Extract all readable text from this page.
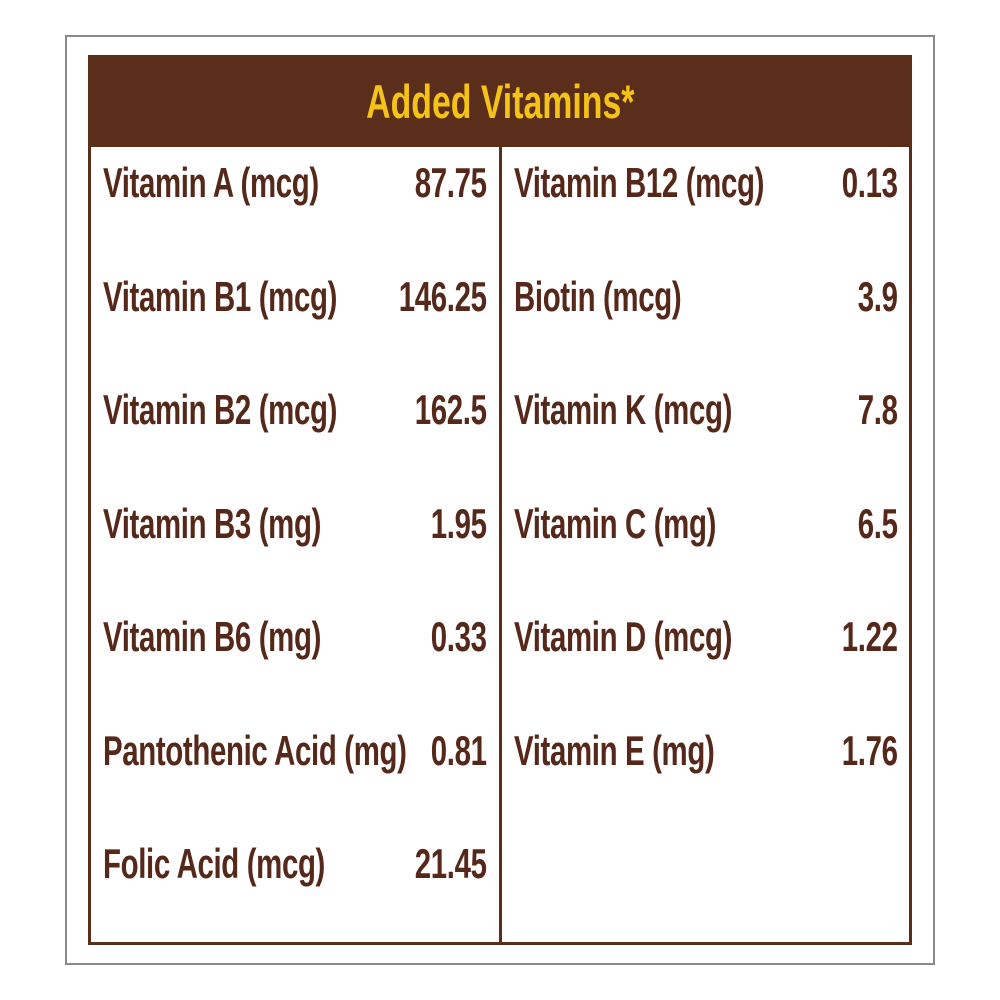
Added Vitamins*
Vitamin A (mcg) 87.75
Vitamin B1 (mcg) 146.25
Vitamin B2 (mcg) 162.5
Vitamin B3 (mg)	1.95
Vitamin B6 (mg)	0.33
Pantothenic Acid (mg) 0.81
Folic Acid (mcg) 21.45
Vitamin B12 (mcg) 0.13
Biotin (mcg)	3.9
Vitamin K (mcg)	7.8
Vitamin C (mg)	6.5
Vitamin D (mcg)	1.22
Vitamin E (mg)	1.76
